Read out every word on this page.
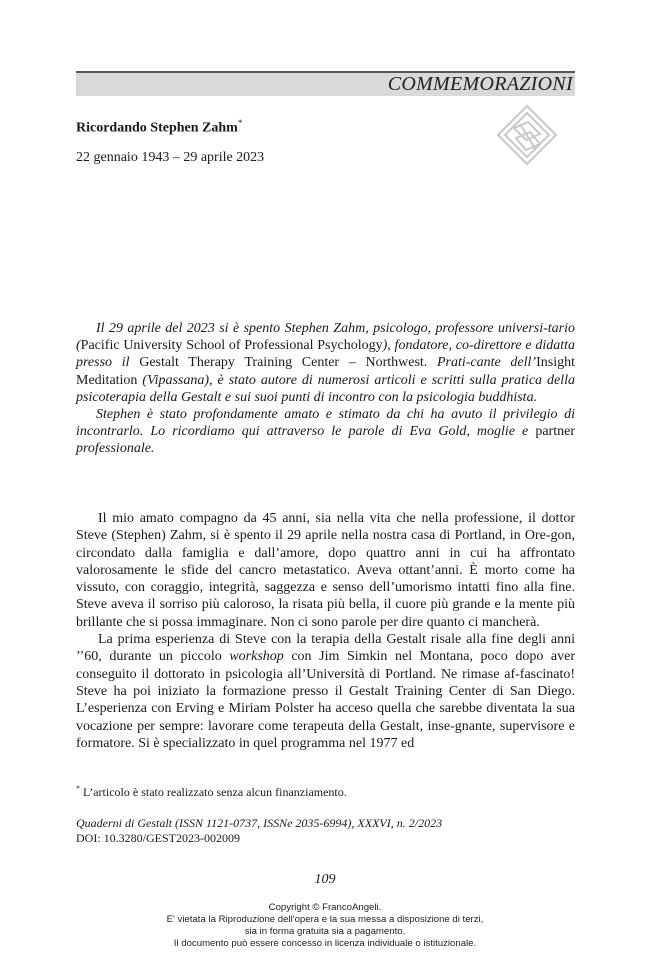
COMMEMORAZIONI
Ricordando Stephen Zahm*
22 gennaio 1943 – 29 aprile 2023

Il 29 aprile del 2023 si è spento Stephen Zahm, psicologo, professore universi-tario (Pacific University School of Professional Psychology), fondatore, co-direttore e didatta presso il Gestalt Therapy Training Center – Northwest. Prati-cante dell’Insight Meditation (Vipassana), è stato autore di numerosi articoli e scritti sulla pratica della psicoterapia della Gestalt e sui suoi punti di incontro con la psicologia buddhista.

Stephen è stato profondamente amato e stimato da chi ha avuto il privilegio di incontrarlo. Lo ricordiamo qui attraverso le parole di Eva Gold, moglie e partner professionale.

Il mio amato compagno da 45 anni, sia nella vita che nella professione, il dottor Steve (Stephen) Zahm, si è spento il 29 aprile nella nostra casa di Portland, in Ore-gon, circondato dalla famiglia e dall’amore, dopo quattro anni in cui ha affrontato valorosamente le sfide del cancro metastatico. Aveva ottant’anni. È morto come ha vissuto, con coraggio, integrità, saggezza e senso dell’umorismo intatti fino alla fine. Steve aveva il sorriso più caloroso, la risata più bella, il cuore più grande e la mente più brillante che si possa immaginare. Non ci sono parole per dire quanto ci mancherà.

La prima esperienza di Steve con la terapia della Gestalt risale alla fine degli anni ’’60, durante un piccolo workshop con Jim Simkin nel Montana, poco dopo aver conseguito il dottorato in psicologia all’Università di Portland. Ne rimase af-fascinato! Steve ha poi iniziato la formazione presso il Gestalt Training Center di San Diego. L’esperienza con Erving e Miriam Polster ha acceso quella che sarebbe diventata la sua vocazione per sempre: lavorare come terapeuta della Gestalt, inse-gnante, supervisore e formatore. Si è specializzato in quel programma nel 1977 ed

* L’articolo è stato realizzato senza alcun finanziamento.
Quaderni di Gestalt (ISSN 1121-0737, ISSNe 2035-6994), XXXVI, n. 2/2023
DOI: 10.3280/GEST2023-002009
109
Copyright © FrancoAngeli.
E' vietata la Riproduzione dell'opera e la sua messa a disposizione di terzi,
sia in forma gratuita sia a pagamento.
Il documento può essere concesso in licenza individuale o istituzionale.
